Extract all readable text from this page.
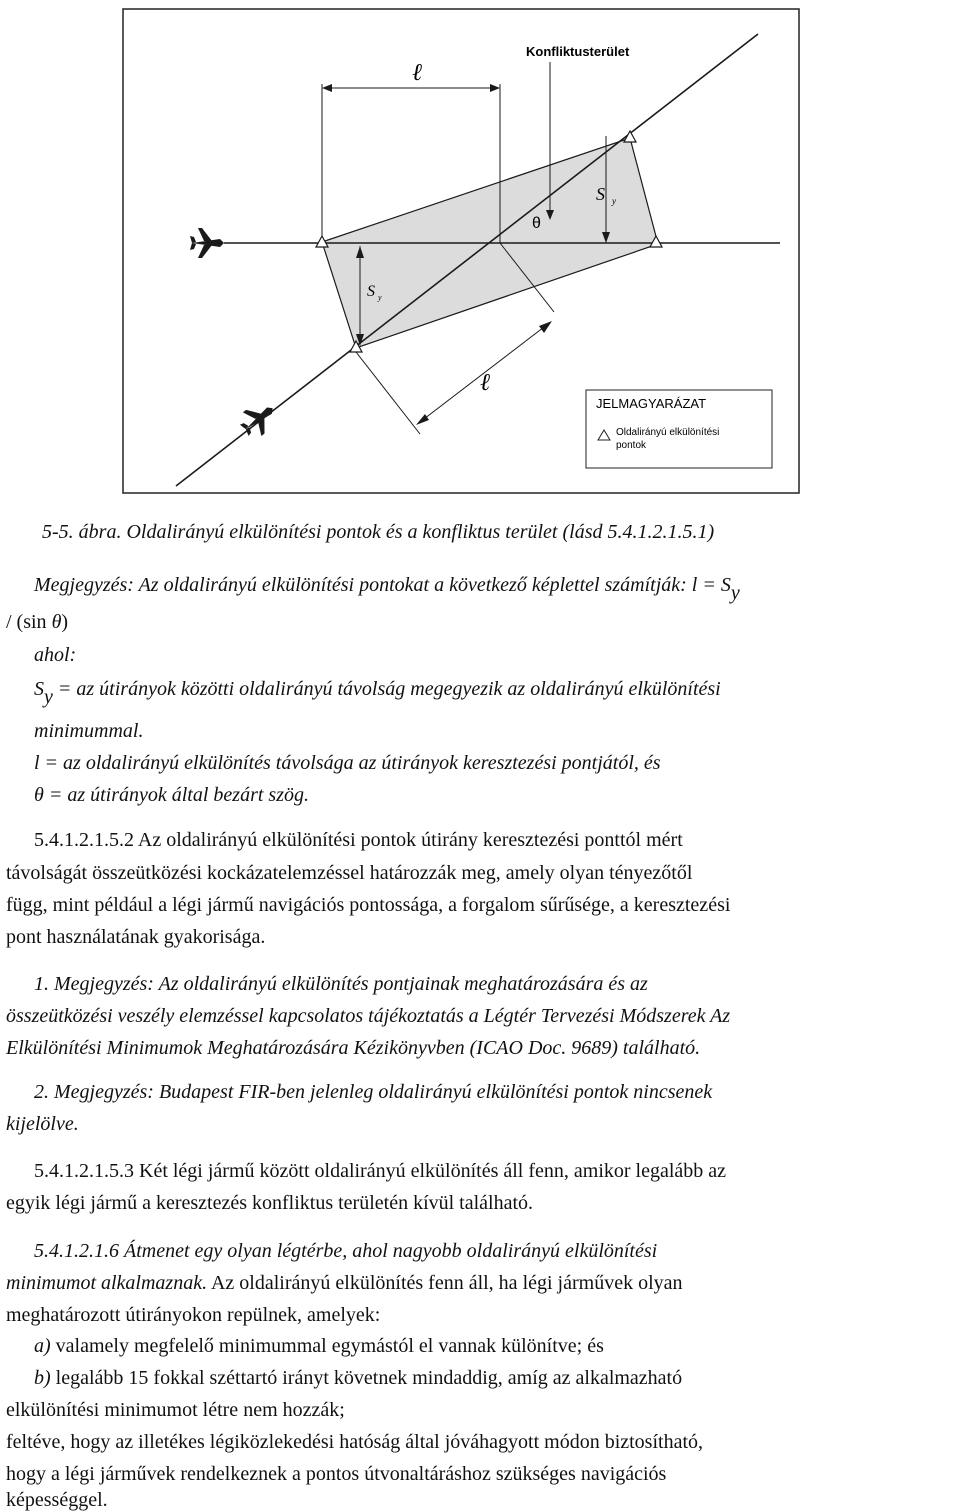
ℓ
ℓ
S y
S y
θ
Konfliktusterület
JELMAGYARÁZAT
Oldalirányú elkülönítési
pontok
5-5. ábra. Oldalirányú elkülönítési pontok és a konfliktus terület (lásd 5.4.1.2.1.5.1)
Megjegyzés: Az oldalirányú elkülönítési pontokat a következő képlettel számítják: l = Sy
/ (sin θ)
ahol:
Sy = az útirányok közötti oldalirányú távolság megegyezik az oldalirányú elkülönítési
minimummal.
l = az oldalirányú elkülönítés távolsága az útirányok keresztezési pontjától, és
θ = az útirányok által bezárt szög.
5.4.1.2.1.5.2 Az oldalirányú elkülönítési pontok útirány keresztezési ponttól mért
távolságát összeütközési kockázatelemzéssel határozzák meg, amely olyan tényezőtől
függ, mint például a légi jármű navigációs pontossága, a forgalom sűrűsége, a keresztezési
pont használatának gyakorisága.
1. Megjegyzés: Az oldalirányú elkülönítés pontjainak meghatározására és az
összeütközési veszély elemzéssel kapcsolatos tájékoztatás a Légtér Tervezési Módszerek Az
Elkülönítési Minimumok Meghatározására Kézikönyvben (ICAO Doc. 9689) található.
2. Megjegyzés: Budapest FIR-ben jelenleg oldalirányú elkülönítési pontok nincsenek
kijelölve.
5.4.1.2.1.5.3 Két légi jármű között oldalirányú elkülönítés áll fenn, amikor legalább az
egyik légi jármű a keresztezés konfliktus területén kívül található.
5.4.1.2.1.6 Átmenet egy olyan légtérbe, ahol nagyobb oldalirányú elkülönítési
minimumot alkalmaznak. Az oldalirányú elkülönítés fenn áll, ha légi járművek olyan
meghatározott útirányokon repülnek, amelyek:
a) valamely megfelelő minimummal egymástól el vannak különítve; és
b) legalább 15 fokkal széttartó irányt követnek mindaddig, amíg az alkalmazható
elkülönítési minimumot létre nem hozzák;
feltéve, hogy az illetékes légiközlekedési hatóság által jóváhagyott módon biztosítható,
hogy a légi járművek rendelkeznek a pontos útvonaltáráshoz szükséges navigációs
képességgel.
